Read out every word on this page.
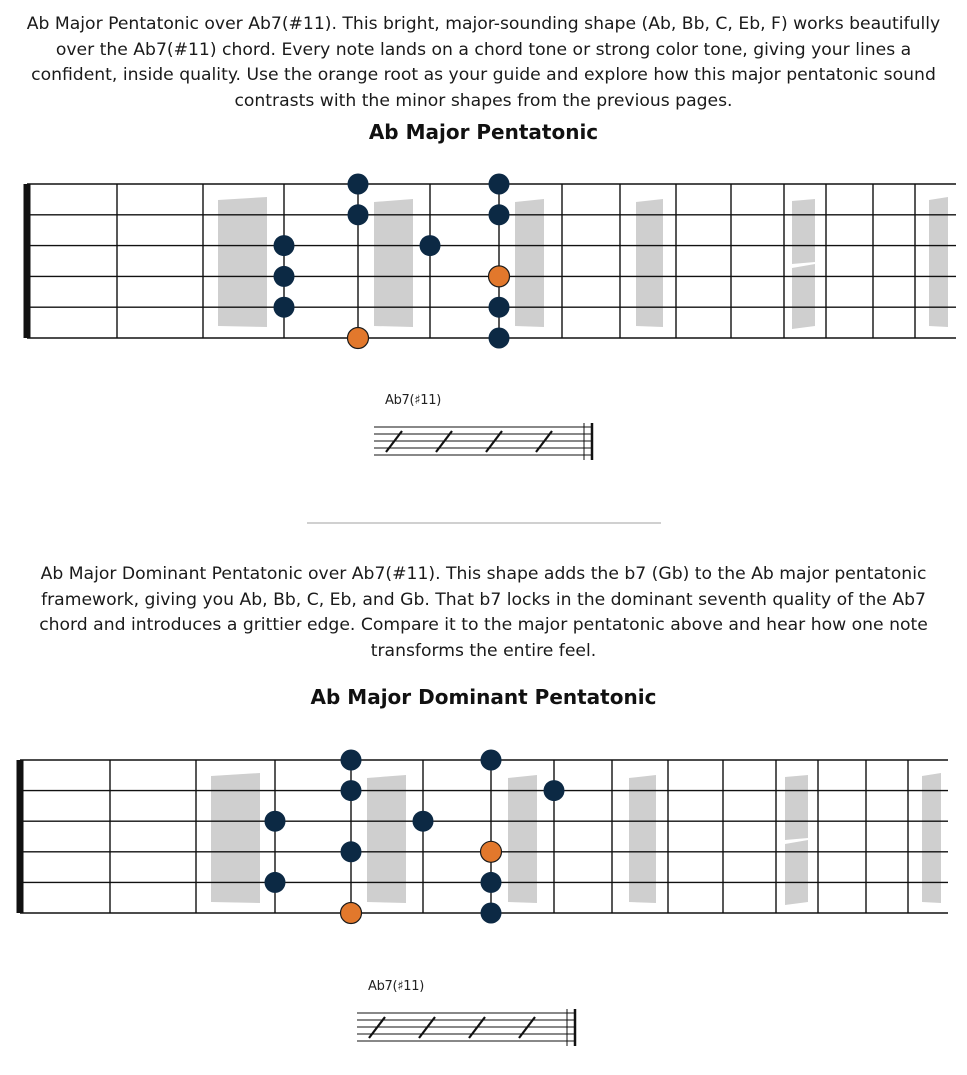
Ab Major Pentatonic over Ab7(#11). This bright, major-sounding shape (Ab, Bb, C, Eb, F) works beautifully over the Ab7(#11) chord. Every note lands on a chord tone or strong color tone, giving your lines a confident, inside quality. Use the orange root as your guide and explore how this major pentatonic sound contrasts with the minor shapes from the previous pages.
Ab Major Pentatonic
Ab7(♯11)
Ab Major Dominant Pentatonic over Ab7(#11). This shape adds the b7 (Gb) to the Ab major pentatonic framework, giving you Ab, Bb, C, Eb, and Gb. That b7 locks in the dominant seventh quality of the Ab7 chord and introduces a grittier edge. Compare it to the major pentatonic above and hear how one note transforms the entire feel.
Ab Major Dominant Pentatonic
Ab7(♯11)
